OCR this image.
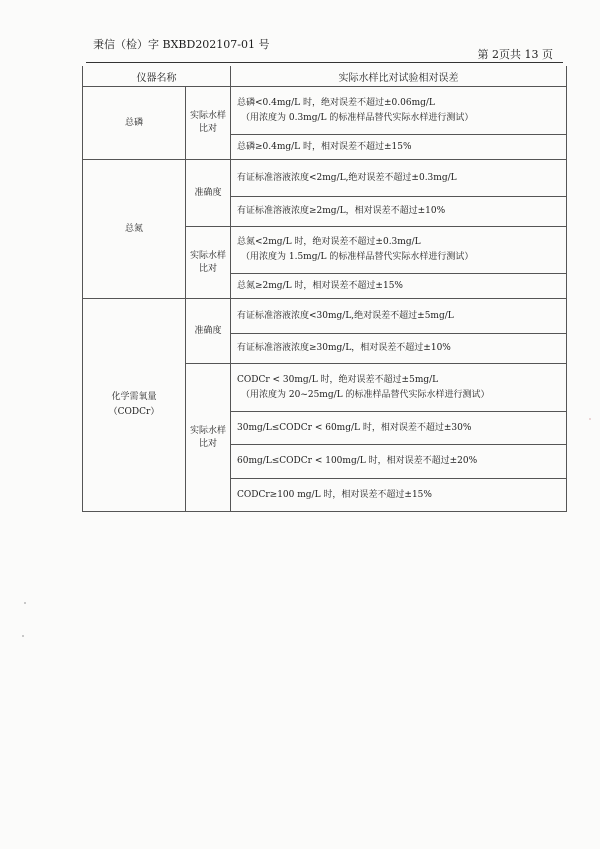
秉信（检）字 BXBD202107-01 号
第 2页共 13 页
仪器名称		实际水样比对试验相对误差
总磷	实际水样比对	总磷<0.4mg/L 时，绝对误差不超过±0.06mg/L
（用浓度为 0.3mg/L 的标准样品替代实际水样进行测试）

		总磷≥0.4mg/L 时，相对误差不超过±15%

总氮	准确度	有证标准溶液浓度<2mg/L,绝对误差不超过±0.3mg/L

		有证标准溶液浓度≥2mg/L，相对误差不超过±10%

	实际水样比对	总氮<2mg/L 时，绝对误差不超过±0.3mg/L
（用浓度为 1.5mg/L 的标准样品替代实际水样进行测试）

		总氮≥2mg/L 时，相对误差不超过±15%

化学需氧量
（CODCr）	准确度	有证标准溶液浓度<30mg/L,绝对误差不超过±5mg/L

		有证标准溶液浓度≥30mg/L，相对误差不超过±10%

	实际水样比对	CODCr < 30mg/L 时，绝对误差不超过±5mg/L
（用浓度为 20~25mg/L 的标准样品替代实际水样进行测试）

		30mg/L≤CODCr < 60mg/L 时，相对误差不超过±30%

		60mg/L≤CODCr < 100mg/L 时，相对误差不超过±20%

		CODCr≥100 mg/L 时，相对误差不超过±15%
